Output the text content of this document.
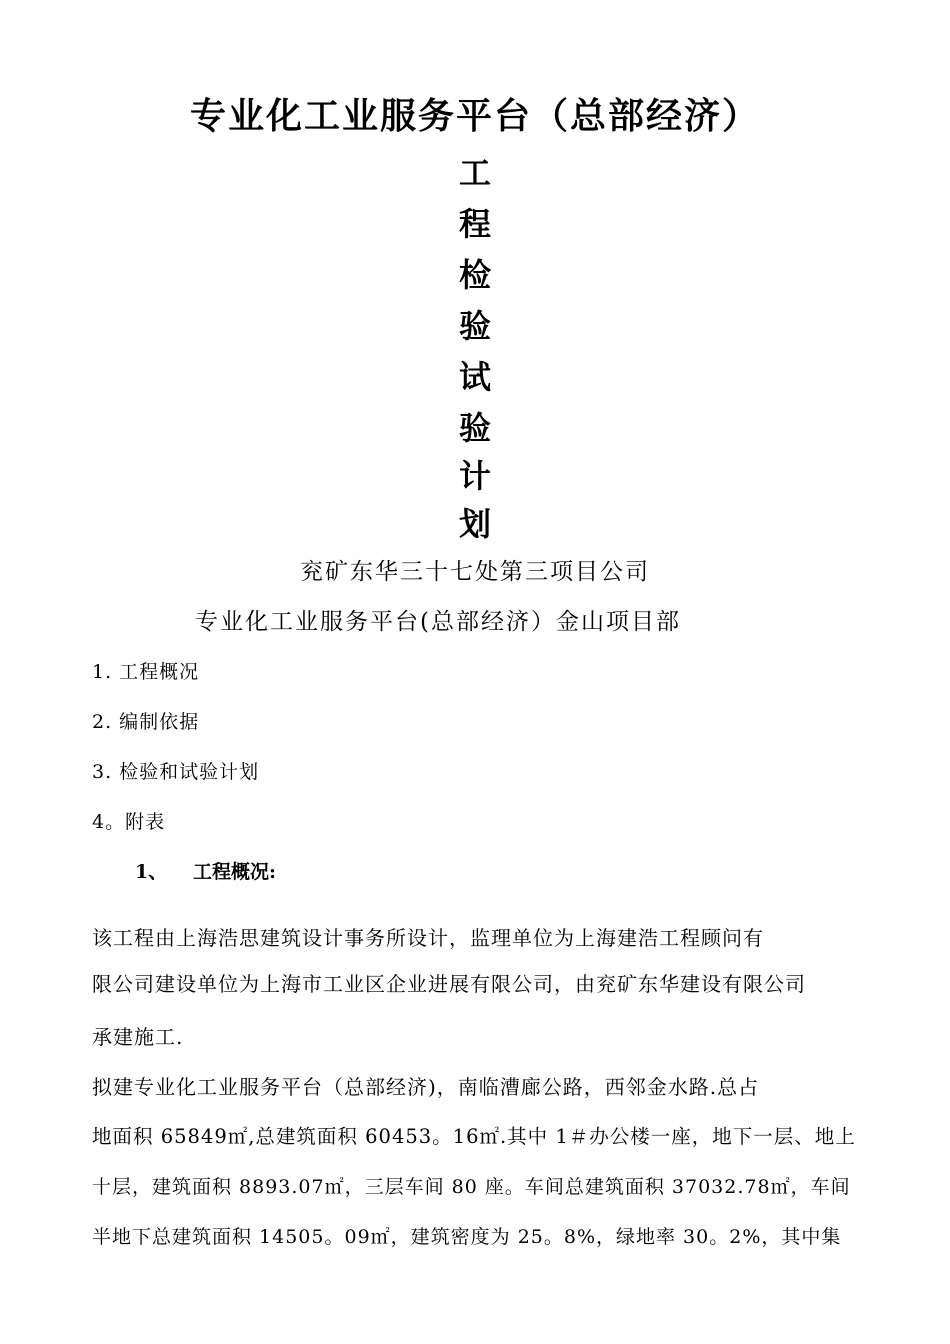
专业化工业服务平台（总部经济）
工
程
检
验
试
验
计
划
兖矿东华三十七处第三项目公司
专业化工业服务平台(总部经济）金山项目部
1. 工程概况
2. 编制依据
3. 检验和试验计划
4。附表
1、 工程概况:
该工程由上海浩思建筑设计事务所设计，监理单位为上海建浩工程顾问有
限公司建设单位为上海市工业区企业进展有限公司，由兖矿东华建设有限公司
承建施工.
拟建专业化工业服务平台（总部经济)，南临漕廊公路，西邻金水路.总占
地面积 65849㎡,总建筑面积 60453。16㎡.其中 1＃办公楼一座，地下一层、地上
十层，建筑面积 8893.07㎡，三层车间 80 座。车间总建筑面积 37032.78㎡，车间
半地下总建筑面积 14505。09㎡，建筑密度为 25。8%，绿地率 30。2%，其中集
